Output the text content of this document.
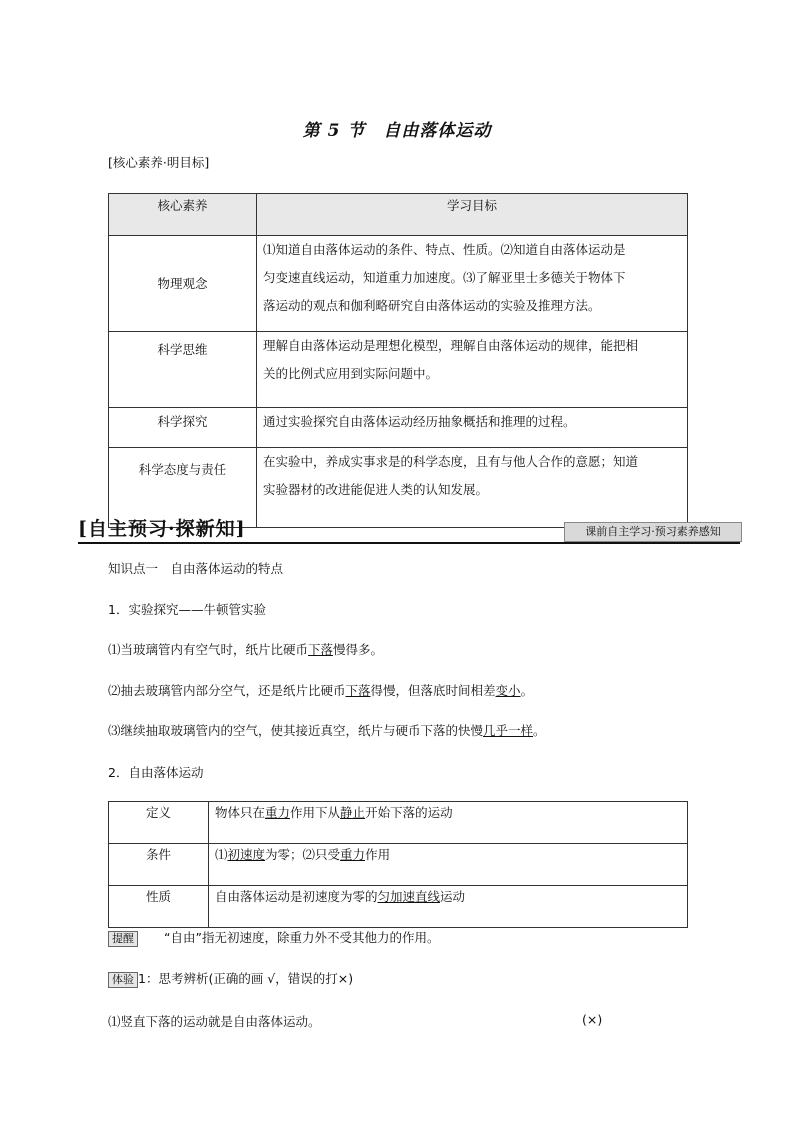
第 5 节　自由落体运动
[核心素养·明目标]
核心素养	学习目标
物理观念	⑴知道自由落体运动的条件、特点、性质。⑵知道自由落体运动是
匀变速直线运动，知道重力加速度。⑶了解亚里士多德关于物体下
落运动的观点和伽利略研究自由落体运动的实验及推理方法。

科学思维	理解自由落体运动是理想化模型，理解自由落体运动的规律，能把相
关的比例式应用到实际问题中。

科学探究	通过实验探究自由落体运动经历抽象概括和推理的过程。

科学态度与责任	在实验中，养成实事求是的科学态度，且有与他人合作的意愿；知道
实验器材的改进能促进人类的认知发展。
[自主预习·探新知]	课前自主学习·预习素养感知
知识点一　自由落体运动的特点
1．实验探究——牛顿管实验
⑴当玻璃管内有空气时，纸片比硬币下落慢得多。
⑵抽去玻璃管内部分空气，还是纸片比硬币下落得慢，但落底时间相差变小。
⑶继续抽取玻璃管内的空气，使其接近真空，纸片与硬币下落的快慢几乎一样。
2．自由落体运动
定义	物体只在重力作用下从静止开始下落的运动
条件	⑴初速度为零；⑵只受重力作用
性质	自由落体运动是初速度为零的匀加速直线运动
提醒 “自由”指无初速度，除重力外不受其他力的作用。
体验 1：思考辨析(正确的画 √，错误的打×)
⑴竖直下落的运动就是自由落体运动。	(×)
